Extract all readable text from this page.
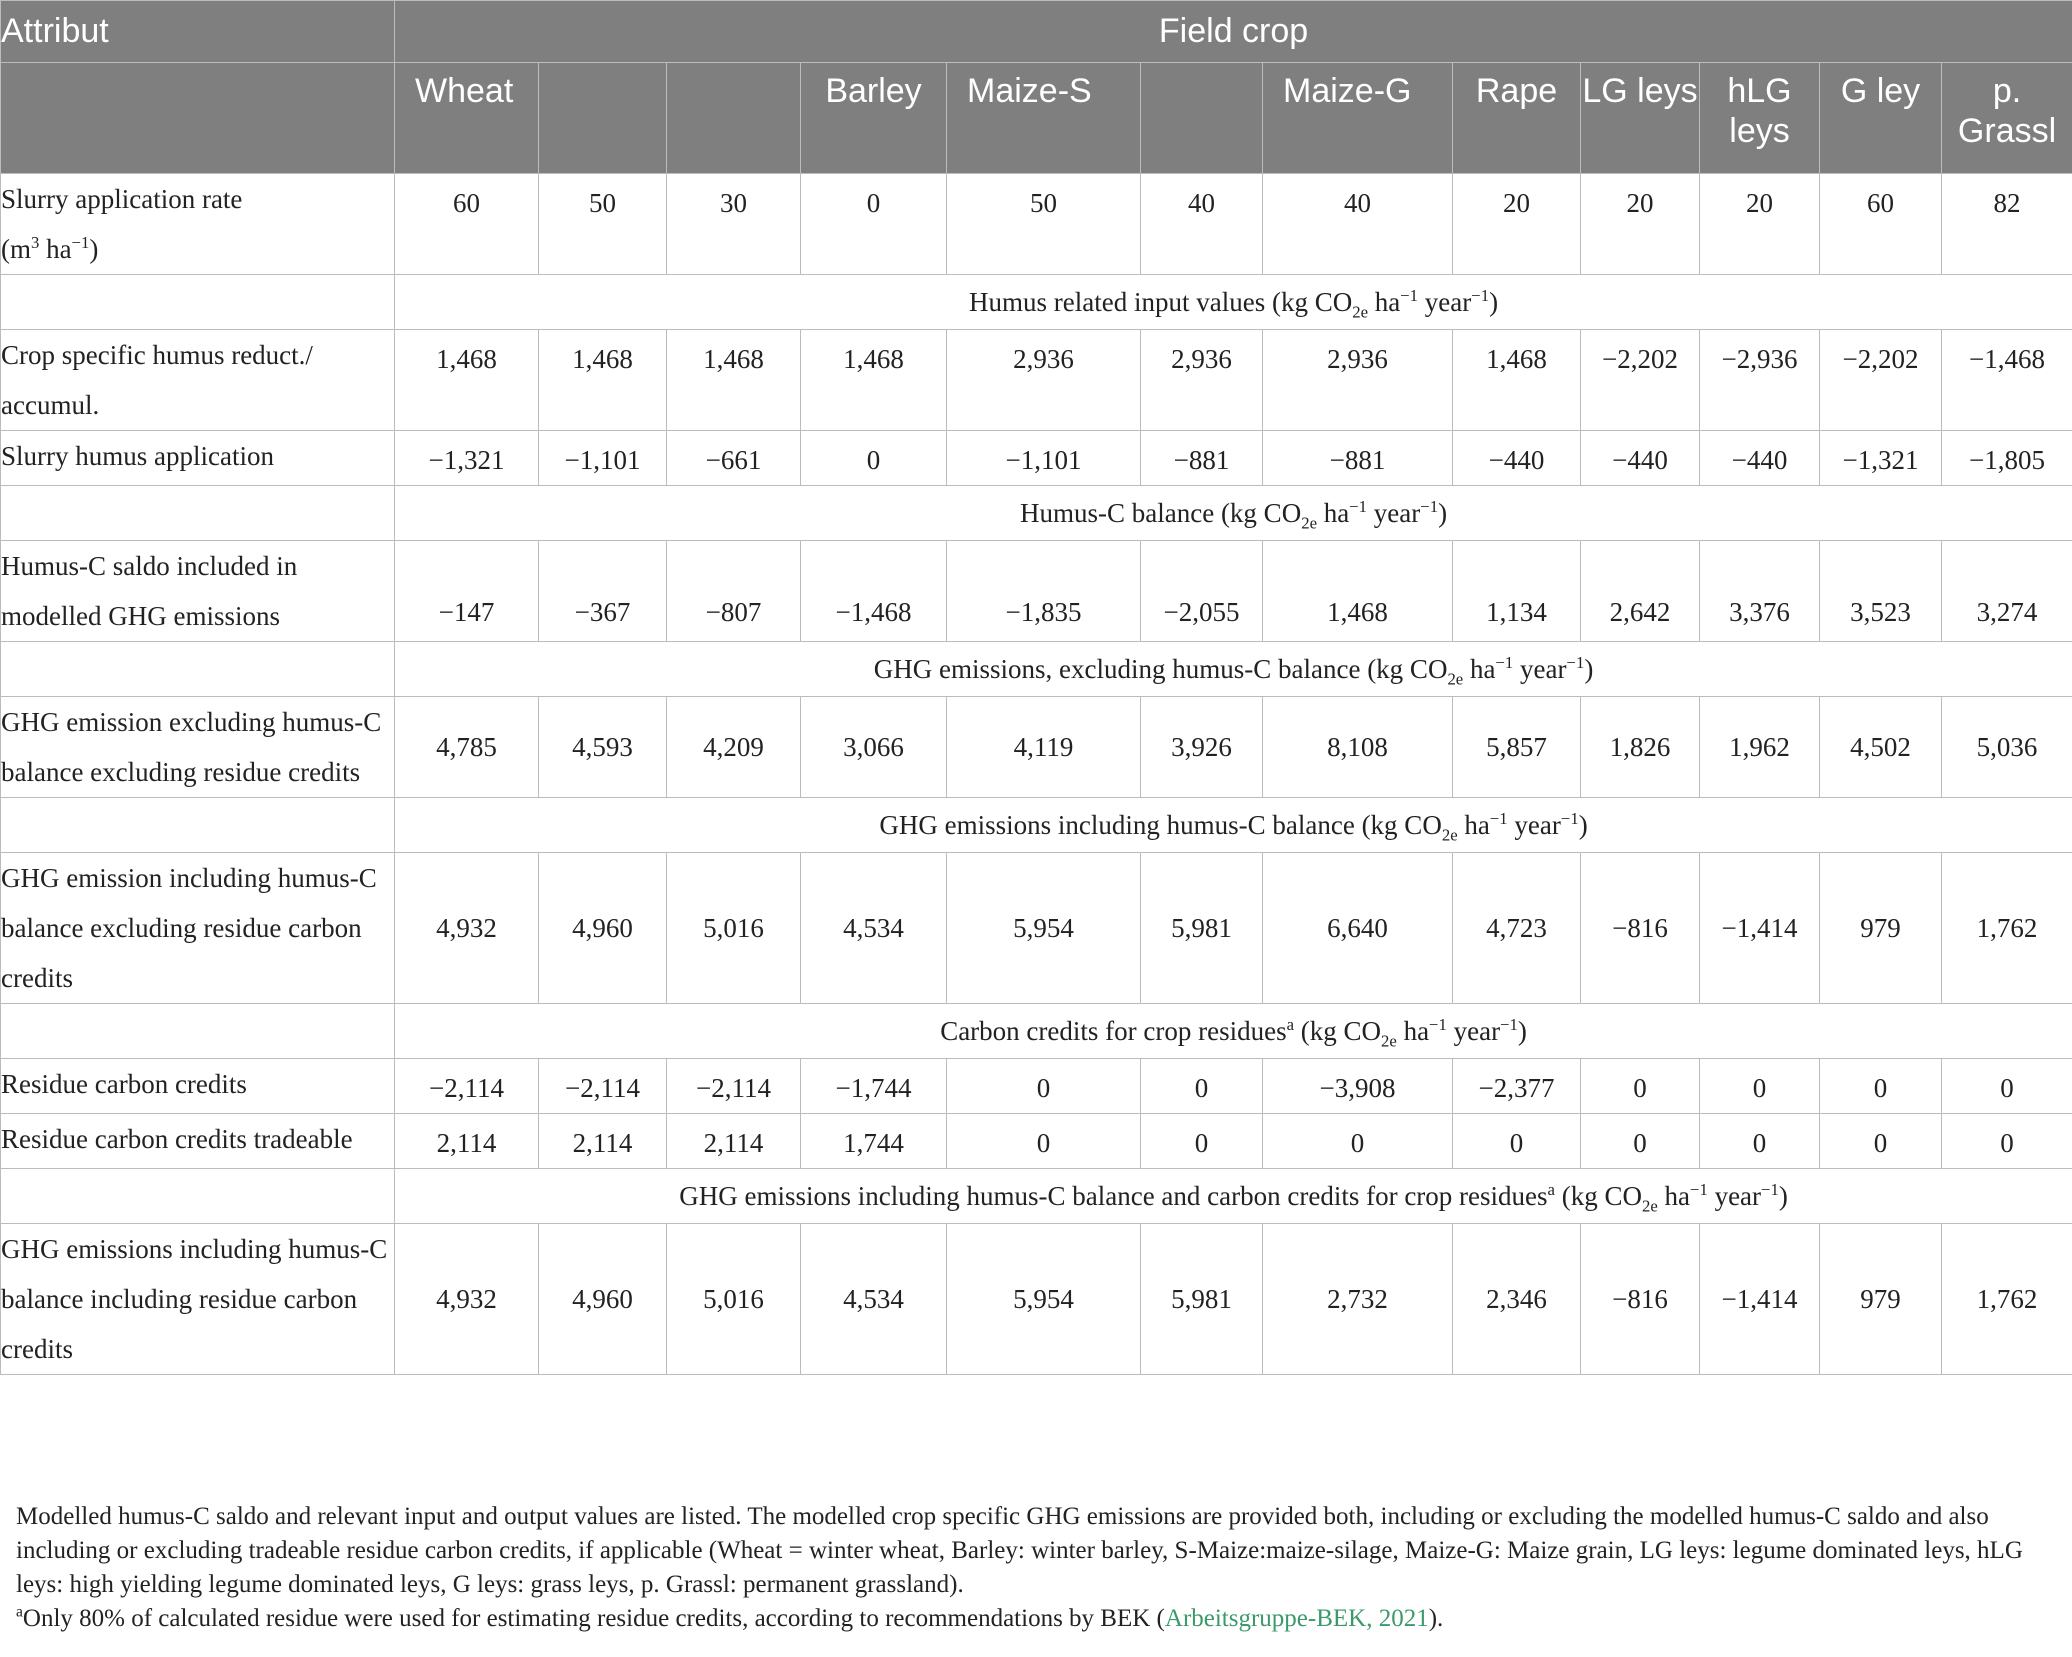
Attribut	Field crop											
	Wheat			Barley	Maize-S		Maize-G	Rape	LG leys	hLG leys	G ley	p. Grassl
Slurry application rate
($m^3$ $ha^{-1}$)	60	50	30	0	50	40	40	20	20	20	60	82
	Humus related input values (kg $CO_{2e}$ $ha^{-1}$ year$^{-1}$)											
Crop specific humus reduct./ accumul.	1,468	1,468	1,468	1,468	2,936	2,936	2,936	1,468	−2,202	−2,936	−2,202	−1,468
Slurry humus application	−1,321	−1,101	−661	0	−1,101	−881	−881	−440	−440	−440	−1,321	−1,805
	Humus-C balance (kg $CO_{2e}$ $ha^{-1}$ year$^{-1}$)											
Humus-C saldo included in modelled GHG emissions	−147	−367	−807	−1,468	−1,835	−2,055	1,468	1,134	2,642	3,376	3,523	3,274
	GHG emissions, excluding humus-C balance (kg $CO_{2e}$ $ha^{-1}$ year$^{-1}$)											
GHG emission excluding humus-C balance excluding residue credits	4,785	4,593	4,209	3,066	4,119	3,926	8,108	5,857	1,826	1,962	4,502	5,036
	GHG emissions including humus-C balance (kg $CO_{2e}$ $ha^{-1}$ year$^{-1}$)											
GHG emission including humus-C balance excluding residue carbon credits	4,932	4,960	5,016	4,534	5,954	5,981	6,640	4,723	−816	−1,414	979	1,762
	Carbon credits for crop residues$^a$ (kg $CO_{2e}$ $ha^{-1}$ year$^{-1}$)											
Residue carbon credits	−2,114	−2,114	−2,114	−1,744	0	0	−3,908	−2,377	0	0	0	0
Residue carbon credits tradeable	2,114	2,114	2,114	1,744	0	0	0	0	0	0	0	0
	GHG emissions including humus-C balance and carbon credits for crop residues$^a$ (kg $CO_{2e}$ $ha^{-1}$ year$^{-1}$)											
GHG emissions including humus-C balance including residue carbon credits	4,932	4,960	5,016	4,534	5,954	5,981	2,732	2,346	−816	−1,414	979	1,762

Modelled humus-C saldo and relevant input and output values are listed. The modelled crop specific GHG emissions are provided both, including or excluding the modelled humus-C saldo and also including or excluding tradeable residue carbon credits, if applicable (Wheat = winter wheat, Barley: winter barley, S-Maize:maize-silage, Maize-G: Maize grain, LG leys: legume dominated leys, hLG leys: high yielding legume dominated leys, G leys: grass leys, p. Grassl: permanent grassland).

$^a$Only 80% of calculated residue were used for estimating residue credits, according to recommendations by BEK (Arbeitsgruppe-BEK, 2021).
